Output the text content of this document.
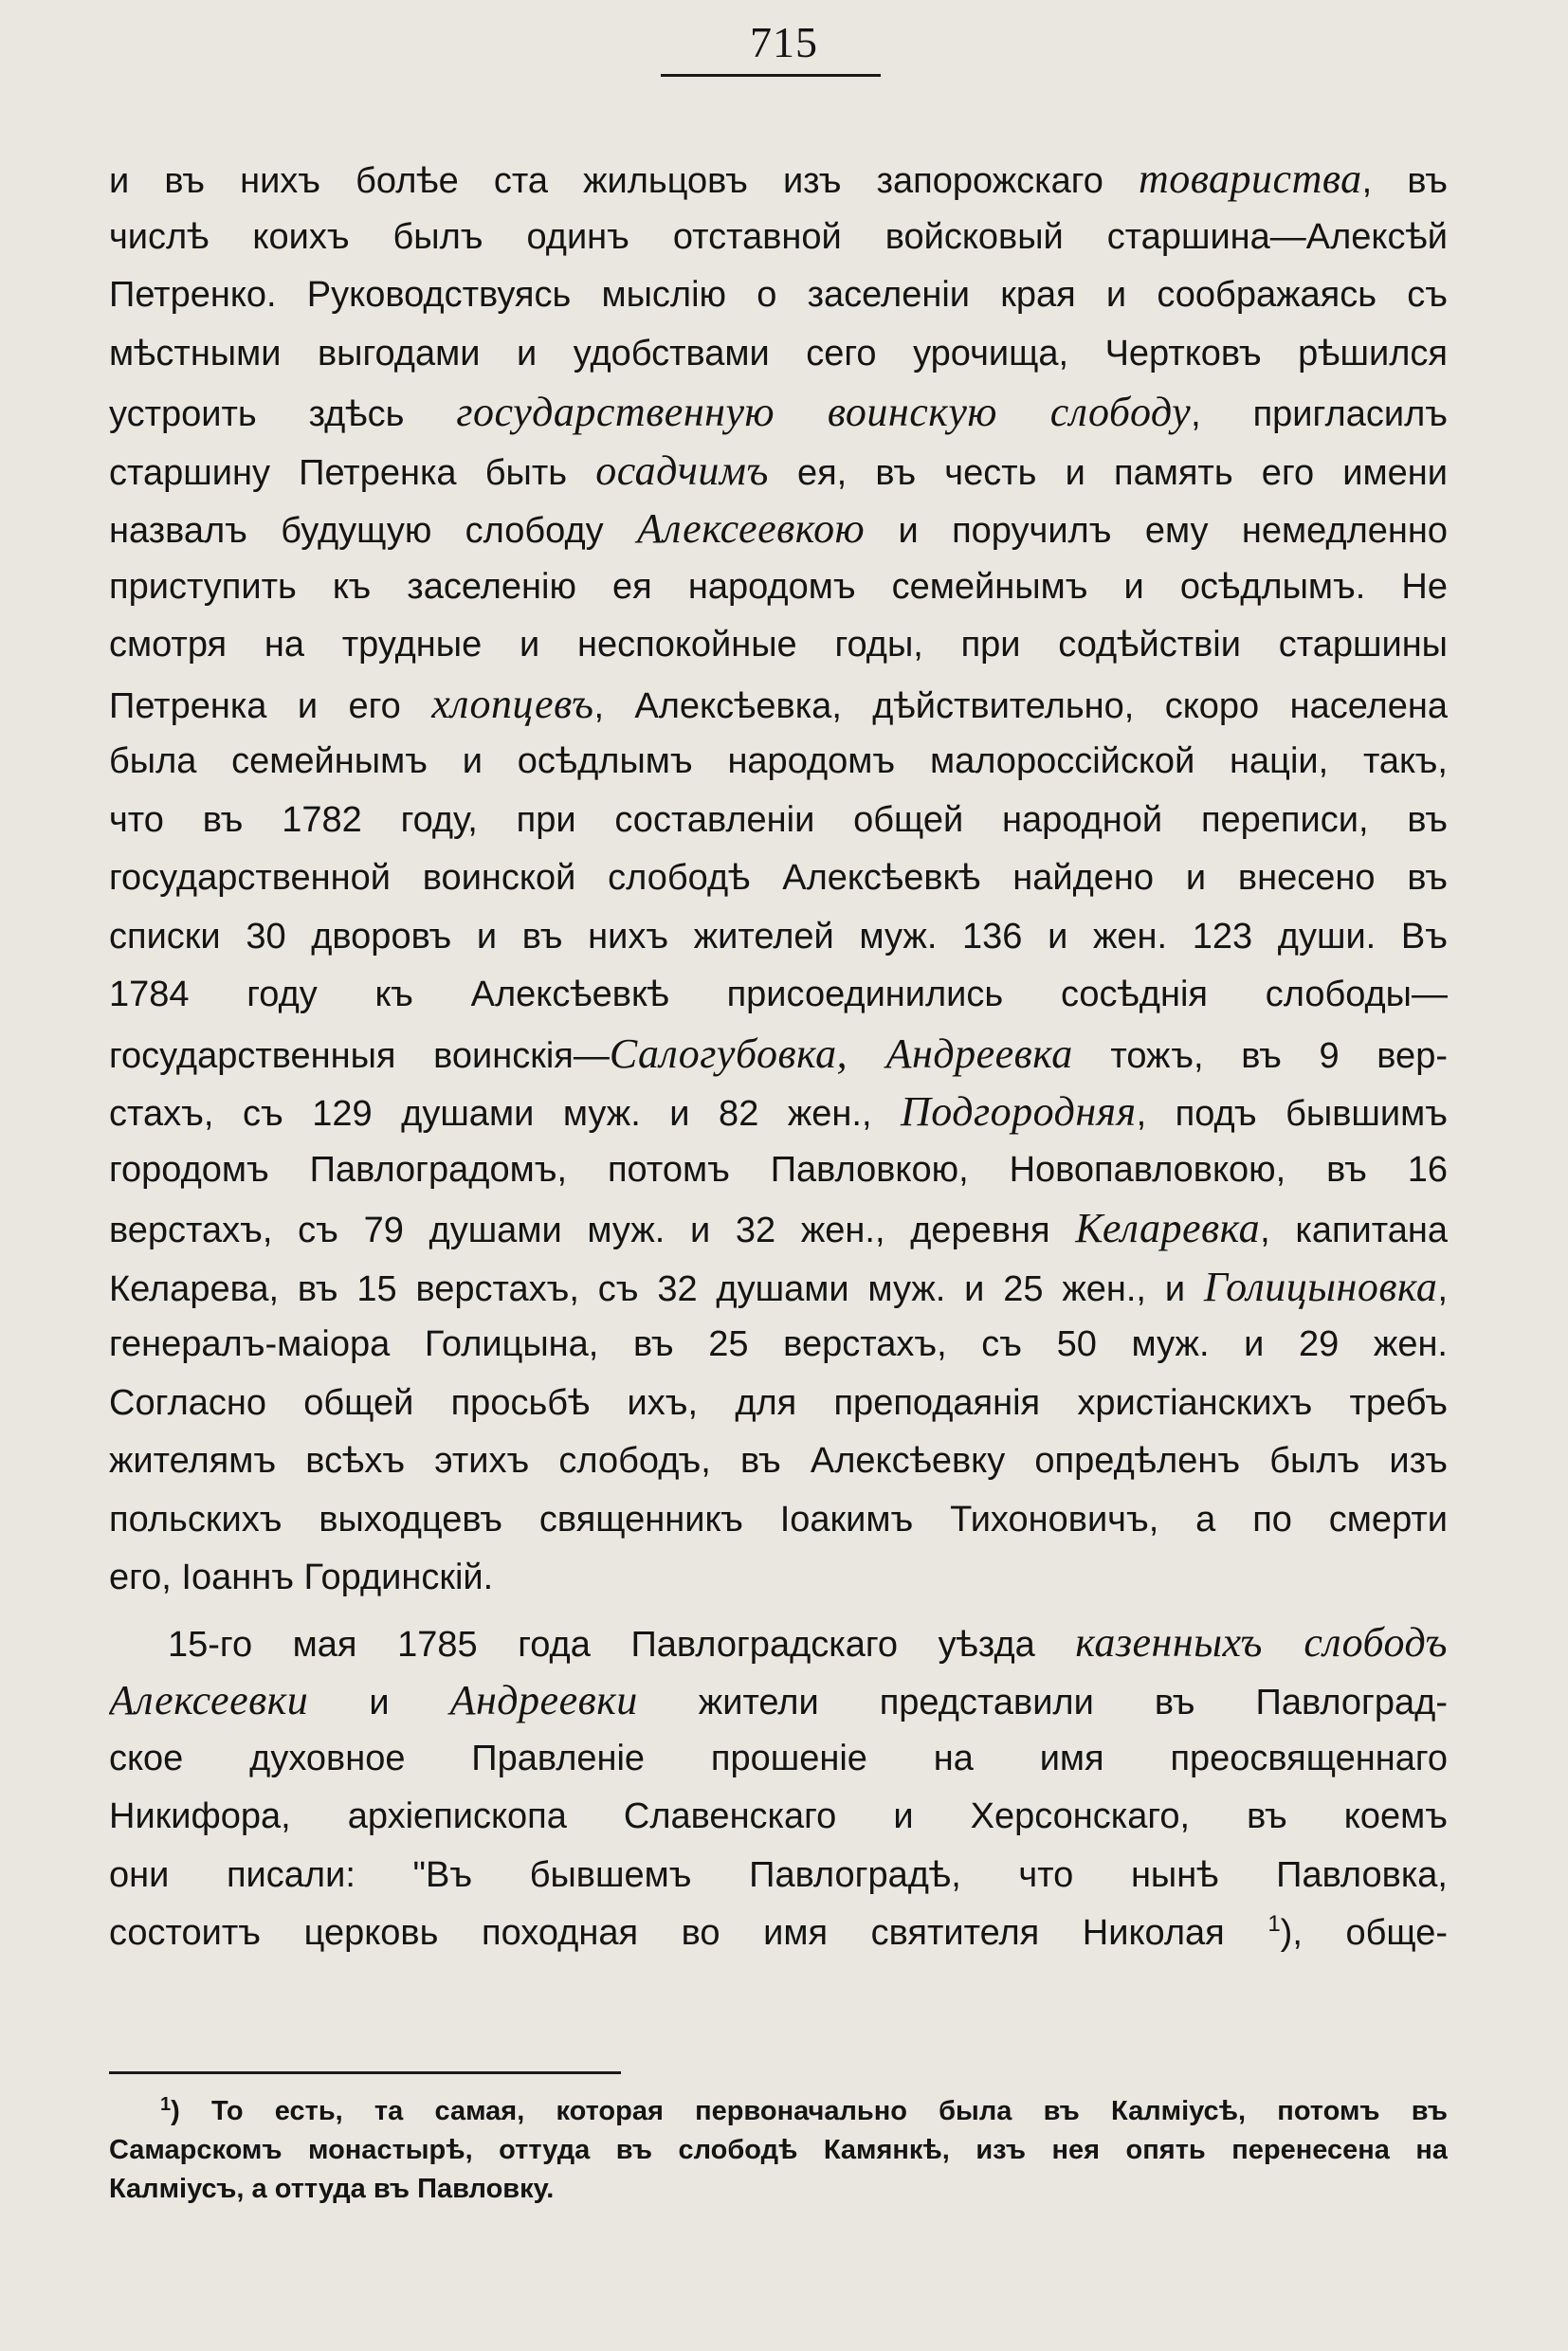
715
и въ нихъ болѣе ста жильцовъ изъ запорожскаго товариства, въ
числѣ коихъ былъ одинъ отставной войсковый старшина—Алексѣй
Петренко. Руководствуясь мыслію о заселеніи края и соображаясь съ
мѣстными выгодами и удобствами сего урочища, Чертковъ рѣшился
устроить здѣсь государственную воинскую слободу, пригласилъ
старшину Петренка быть осадчимъ ея, въ честь и память его имени
назвалъ будущую слободу Алексеевкою и поручилъ ему немедленно
приступить къ заселенію ея народомъ семейнымъ и осѣдлымъ. Не
смотря на трудные и неспокойные годы, при содѣйствіи старшины
Петренка и его хлопцевъ, Алексѣевка, дѣйствительно, скоро населена
была семейнымъ и осѣдлымъ народомъ малороссійской націи, такъ,
что въ 1782 году, при составленіи общей народной переписи, въ
государственной воинской слободѣ Алексѣевкѣ найдено и внесено въ
списки 30 дворовъ и въ нихъ жителей муж. 136 и жен. 123 души. Въ
1784 году къ Алексѣевкѣ присоединились сосѣднія слободы—
государственныя воинскія—Салогубовка, Андреевка тожъ, въ 9 вер-
стахъ, съ 129 душами муж. и 82 жен., Подгородняя, подъ бывшимъ
городомъ Павлоградомъ, потомъ Павловкою, Новопавловкою, въ 16
верстахъ, съ 79 душами муж. и 32 жен., деревня Келаревка, капитана
Келарева, въ 15 верстахъ, съ 32 душами муж. и 25 жен., и Голицыновка,
генералъ-маіора Голицына, въ 25 верстахъ, съ 50 муж. и 29 жен.
Согласно общей просьбѣ ихъ, для преподаянія христіанскихъ требъ
жителямъ всѣхъ этихъ слободъ, въ Алексѣевку опредѣленъ былъ изъ
польскихъ выходцевъ священникъ Іоакимъ Тихоновичъ, а по смерти
его, Іоаннъ Гординскій.
15-го мая 1785 года Павлоградскаго уѣзда казенныхъ слободъ
Алексеевки и Андреевки жители представили въ Павлоград-
ское духовное Правленіе прошеніе на имя преосвященнаго
Никифора, архіепископа Славенскаго и Херсонскаго, въ коемъ
они писали: "Въ бывшемъ Павлоградѣ, что нынѣ Павловка,
состоитъ церковь походная во имя святителя Николая $^1$), обще-
$^1$) То есть, та самая, которая первоначально была въ Калміусѣ, потомъ въ
Самарскомъ монастырѣ, оттуда въ слободѣ Камянкѣ, изъ нея опять перенесена на
Калміусъ, а оттуда въ Павловку.
